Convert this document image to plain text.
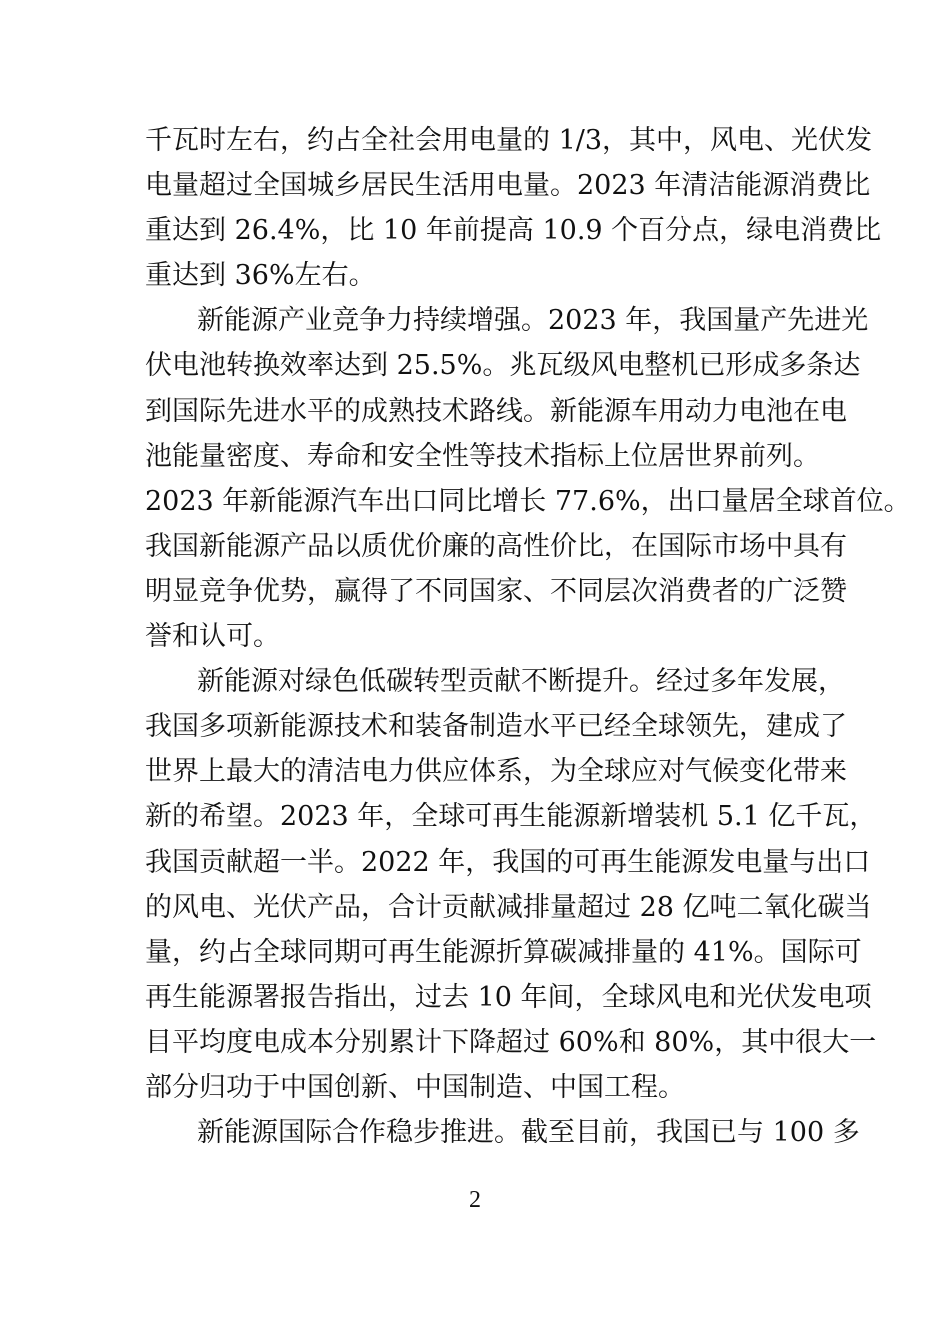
千瓦时左右，约占全社会用电量的 1/3，其中，风电、光伏发
电量超过全国城乡居民生活用电量。2023 年清洁能源消费比
重达到 26.4%，比 10 年前提高 10.9 个百分点，绿电消费比
重达到 36%左右。
新能源产业竞争力持续增强。2023 年，我国量产先进光
伏电池转换效率达到 25.5%。兆瓦级风电整机已形成多条达
到国际先进水平的成熟技术路线。新能源车用动力电池在电
池能量密度、寿命和安全性等技术指标上位居世界前列。
2023 年新能源汽车出口同比增长 77.6%，出口量居全球首位。
我国新能源产品以质优价廉的高性价比，在国际市场中具有
明显竞争优势，赢得了不同国家、不同层次消费者的广泛赞
誉和认可。
新能源对绿色低碳转型贡献不断提升。经过多年发展，
我国多项新能源技术和装备制造水平已经全球领先，建成了
世界上最大的清洁电力供应体系，为全球应对气候变化带来
新的希望。2023 年，全球可再生能源新增装机 5.1 亿千瓦，
我国贡献超一半。2022 年，我国的可再生能源发电量与出口
的风电、光伏产品，合计贡献减排量超过 28 亿吨二氧化碳当
量，约占全球同期可再生能源折算碳减排量的 41%。国际可
再生能源署报告指出，过去 10 年间，全球风电和光伏发电项
目平均度电成本分别累计下降超过 60%和 80%，其中很大一
部分归功于中国创新、中国制造、中国工程。
新能源国际合作稳步推进。截至目前，我国已与 100 多
2
